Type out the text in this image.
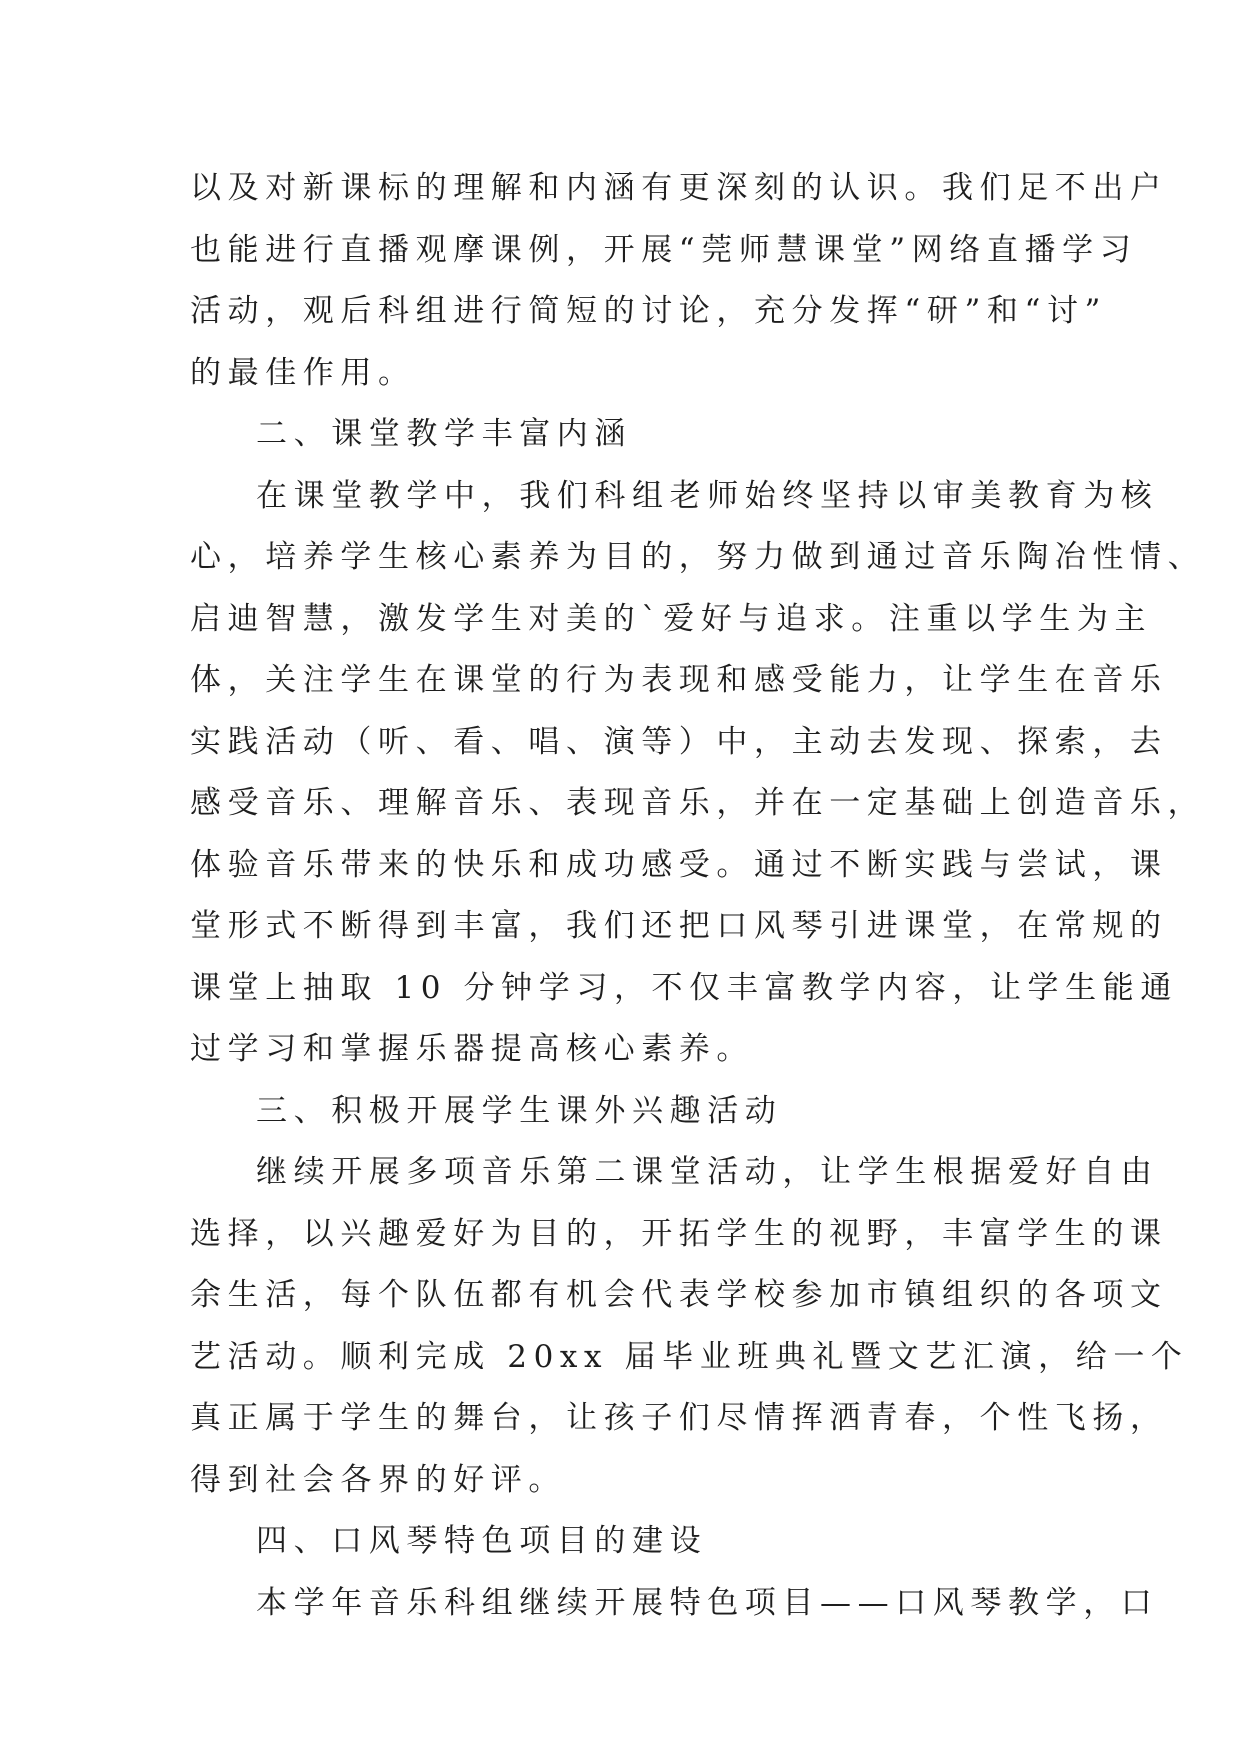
以及对新课标的理解和内涵有更深刻的认识。我们足不出户
也能进行直播观摩课例，开展“莞师慧课堂”网络直播学习
活动，观后科组进行简短的讨论，充分发挥“研”和“讨”
的最佳作用。
二、课堂教学丰富内涵
在课堂教学中，我们科组老师始终坚持以审美教育为核
心，培养学生核心素养为目的，努力做到通过音乐陶冶性情、
启迪智慧，激发学生对美的`爱好与追求。注重以学生为主
体，关注学生在课堂的行为表现和感受能力，让学生在音乐
实践活动（听、看、唱、演等）中，主动去发现、探索，去
感受音乐、理解音乐、表现音乐，并在一定基础上创造音乐，
体验音乐带来的快乐和成功感受。通过不断实践与尝试，课
堂形式不断得到丰富，我们还把口风琴引进课堂，在常规的
课堂上抽取 10 分钟学习，不仅丰富教学内容，让学生能通
过学习和掌握乐器提高核心素养。
三、积极开展学生课外兴趣活动
继续开展多项音乐第二课堂活动，让学生根据爱好自由
选择，以兴趣爱好为目的，开拓学生的视野，丰富学生的课
余生活，每个队伍都有机会代表学校参加市镇组织的各项文
艺活动。顺利完成 20xx 届毕业班典礼暨文艺汇演，给一个
真正属于学生的舞台，让孩子们尽情挥洒青春，个性飞扬，
得到社会各界的好评。
四、口风琴特色项目的建设
本学年音乐科组继续开展特色项目——口风琴教学，口
